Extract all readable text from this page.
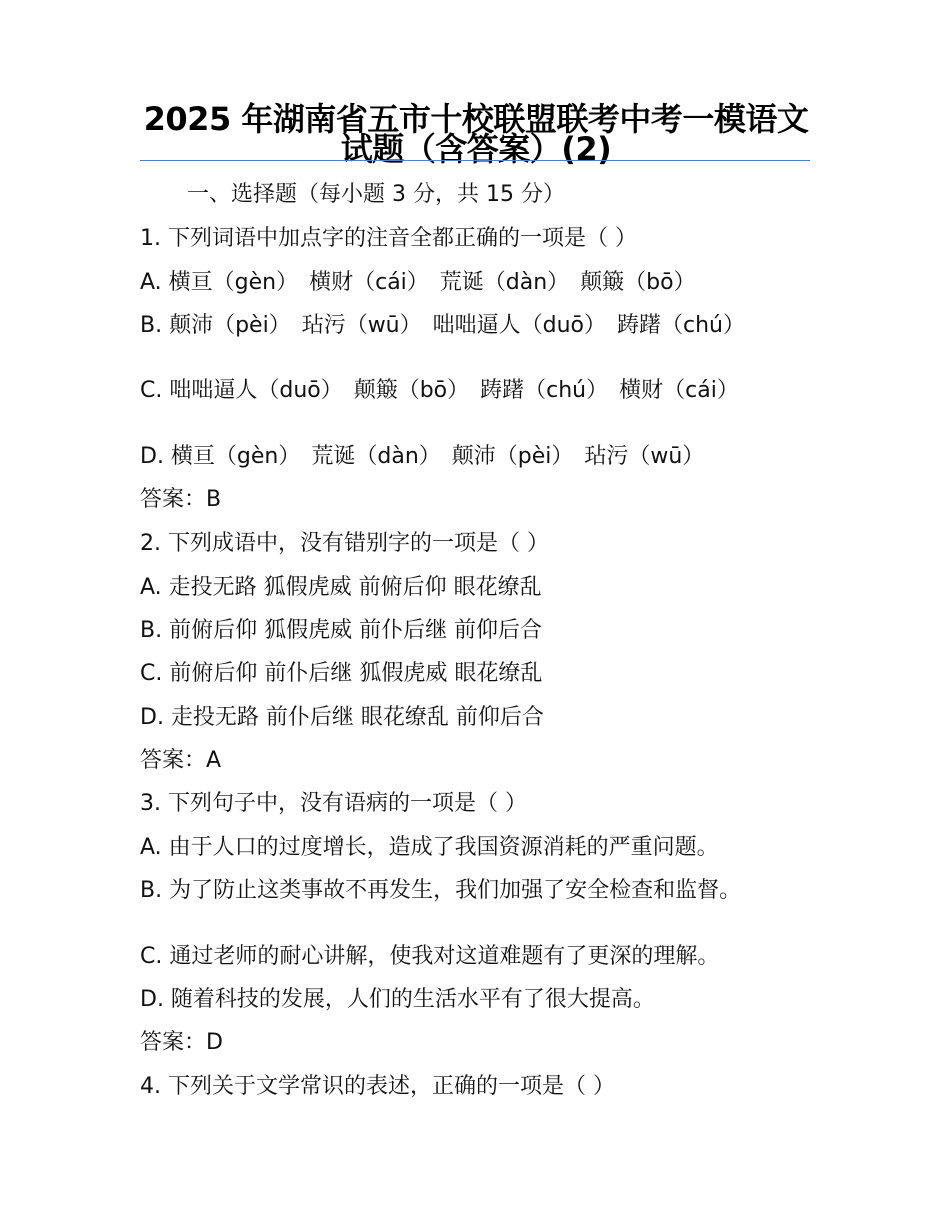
2025 年湖南省五市十校联盟联考中考一模语文试题（含答案）(2)
一、选择题（每小题 3 分，共 15 分）
1. 下列词语中加点字的注音全都正确的一项是（ ）
A. 横亘（gèn）　横财（cái）　荒诞（dàn）　颠簸（bō）
B. 颠沛（pèi）　玷污（wū）　咄咄逼人（duō）　踌躇（chú）
C. 咄咄逼人（duō）　颠簸（bō）　踌躇（chú）　横财（cái）
D. 横亘（gèn）　荒诞（dàn）　颠沛（pèi）　玷污（wū）
答案：B
2. 下列成语中，没有错别字的一项是（ ）
A. 走投无路 狐假虎威 前俯后仰 眼花缭乱
B. 前俯后仰 狐假虎威 前仆后继 前仰后合
C. 前俯后仰 前仆后继 狐假虎威 眼花缭乱
D. 走投无路 前仆后继 眼花缭乱 前仰后合
答案：A
3. 下列句子中，没有语病的一项是（ ）
A. 由于人口的过度增长，造成了我国资源消耗的严重问题。
B. 为了防止这类事故不再发生，我们加强了安全检查和监督。
C. 通过老师的耐心讲解，使我对这道难题有了更深的理解。
D. 随着科技的发展，人们的生活水平有了很大提高。
答案：D
4. 下列关于文学常识的表述，正确的一项是（ ）
